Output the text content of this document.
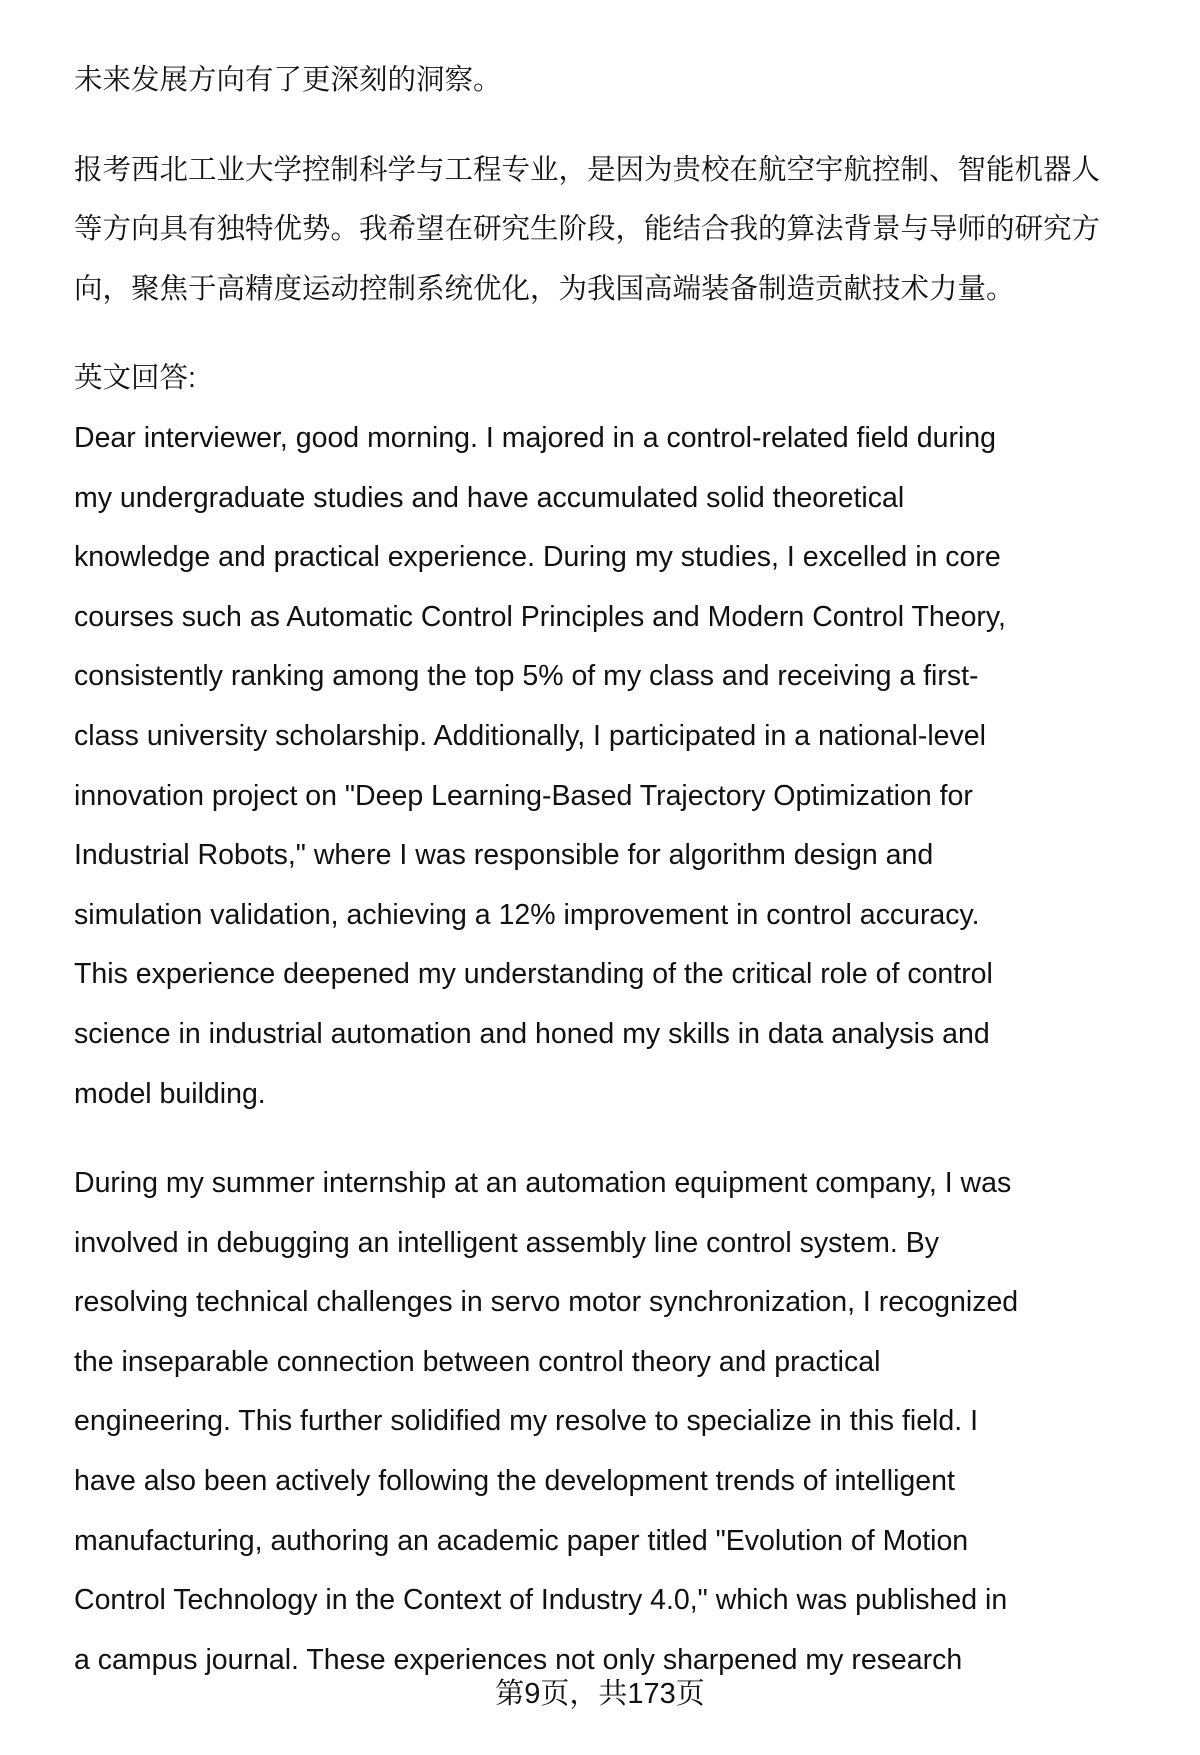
未来发展方向有了更深刻的洞察。
报考西北工业大学控制科学与工程专业，是因为贵校在航空宇航控制、智能机器人
等方向具有独特优势。我希望在研究生阶段，能结合我的算法背景与导师的研究方
向，聚焦于高精度运动控制系统优化，为我国高端装备制造贡献技术力量。
英文回答:
Dear interviewer, good morning. I majored in a control-related field during
my undergraduate studies and have accumulated solid theoretical
knowledge and practical experience. During my studies, I excelled in core
courses such as Automatic Control Principles and Modern Control Theory,
consistently ranking among the top 5% of my class and receiving a first-
class university scholarship. Additionally, I participated in a national-level
innovation project on "Deep Learning-Based Trajectory Optimization for
Industrial Robots," where I was responsible for algorithm design and
simulation validation, achieving a 12% improvement in control accuracy.
This experience deepened my understanding of the critical role of control
science in industrial automation and honed my skills in data analysis and
model building.
During my summer internship at an automation equipment company, I was
involved in debugging an intelligent assembly line control system. By
resolving technical challenges in servo motor synchronization, I recognized
the inseparable connection between control theory and practical
engineering. This further solidified my resolve to specialize in this field. I
have also been actively following the development trends of intelligent
manufacturing, authoring an academic paper titled "Evolution of Motion
Control Technology in the Context of Industry 4.0," which was published in
a campus journal. These experiences not only sharpened my research
第9页，共173页
